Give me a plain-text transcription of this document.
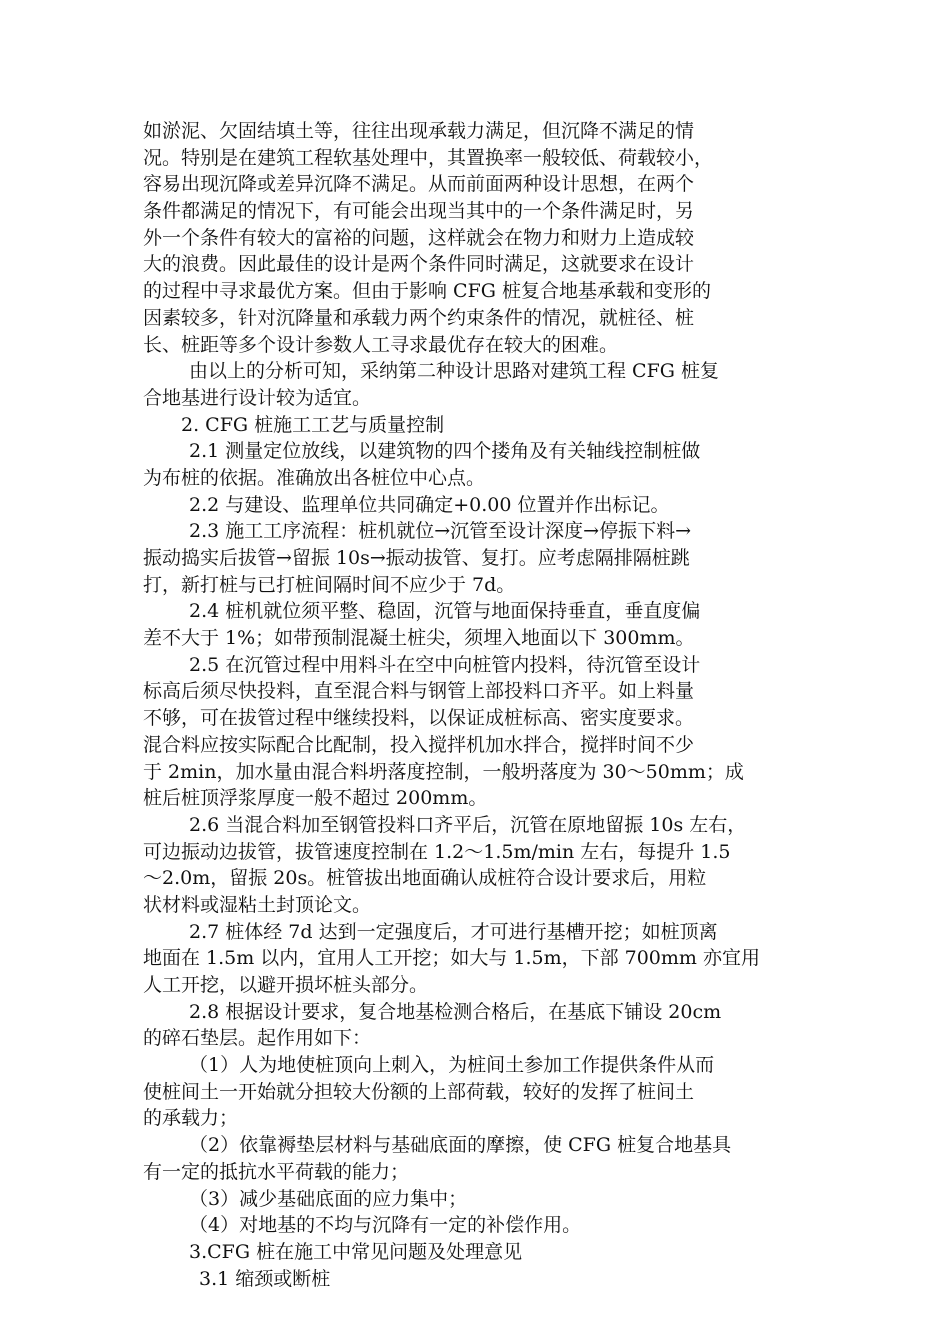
如淤泥、欠固结填土等，往往出现承载力满足，但沉降不满足的情
况。特别是在建筑工程软基处理中，其置换率一般较低、荷载较小，
容易出现沉降或差异沉降不满足。从而前面两种设计思想，在两个
条件都满足的情况下，有可能会出现当其中的一个条件满足时，另
外一个条件有较大的富裕的问题，这样就会在物力和财力上造成较
大的浪费。因此最佳的设计是两个条件同时满足，这就要求在设计
的过程中寻求最优方案。但由于影响 CFG 桩复合地基承载和变形的
因素较多，针对沉降量和承载力两个约束条件的情况，就桩径、桩
长、桩距等多个设计参数人工寻求最优存在较大的困难。
由以上的分析可知，采纳第二种设计思路对建筑工程 CFG 桩复
合地基进行设计较为适宜。
2. CFG 桩施工工艺与质量控制
2.1 测量定位放线，以建筑物的四个搂角及有关轴线控制桩做
为布桩的依据。准确放出各桩位中心点。
2.2 与建设、监理单位共同确定+0.00 位置并作出标记。
2.3 施工工序流程：桩机就位→沉管至设计深度→停振下料→
振动捣实后拔管→留振 10s→振动拔管、复打。应考虑隔排隔桩跳
打，新打桩与已打桩间隔时间不应少于 7d。
2.4 桩机就位须平整、稳固，沉管与地面保持垂直，垂直度偏
差不大于 1%；如带预制混凝土桩尖，须埋入地面以下 300mm。
2.5 在沉管过程中用料斗在空中向桩管内投料，待沉管至设计
标高后须尽快投料，直至混合料与钢管上部投料口齐平。如上料量
不够，可在拔管过程中继续投料，以保证成桩标高、密实度要求。
混合料应按实际配合比配制，投入搅拌机加水拌合，搅拌时间不少
于 2min，加水量由混合料坍落度控制，一般坍落度为 30～50mm；成
桩后桩顶浮浆厚度一般不超过 200mm。
2.6 当混合料加至钢管投料口齐平后，沉管在原地留振 10s 左右，
可边振动边拔管，拔管速度控制在 1.2～1.5m/min 左右，每提升 1.5
～2.0m，留振 20s。桩管拔出地面确认成桩符合设计要求后，用粒
状材料或湿粘土封顶论文。
2.7 桩体经 7d 达到一定强度后，才可进行基槽开挖；如桩顶离
地面在 1.5m 以内，宜用人工开挖；如大与 1.5m，下部 700mm 亦宜用
人工开挖，以避开损坏桩头部分。
2.8 根据设计要求，复合地基检测合格后，在基底下铺设 20cm
的碎石垫层。起作用如下：
（1）人为地使桩顶向上刺入，为桩间土参加工作提供条件从而
使桩间土一开始就分担较大份额的上部荷载，较好的发挥了桩间土
的承载力；
（2）依靠褥垫层材料与基础底面的摩擦，使 CFG 桩复合地基具
有一定的抵抗水平荷载的能力；
（3）减少基础底面的应力集中；
（4）对地基的不均与沉降有一定的补偿作用。
3.CFG 桩在施工中常见问题及处理意见
3.1 缩颈或断桩
